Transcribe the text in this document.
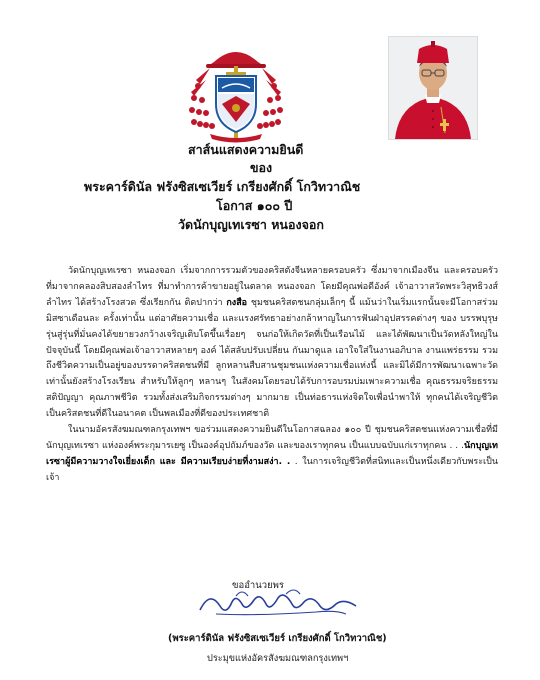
สาส์นแสดงความยินดี
ของ
พระคาร์ดินัล ฟรังซิสเซเวียร์ เกรียงศักดิ์ โกวิทวาณิช
โอกาส ๑๐๐ ปี
วัดนักบุญเทเรซา หนองจอก

วัดนักบุญเทเรซา หนองจอก เริ่มจากการรวมตัวของคริสตังจีนหลายครอบครัว ซึ่งมาจากเมืองจีน และครอบครัวที่มาจากคลองสิบสองลำไทร ที่มาทำการค้าขายอยู่ในตลาด หนองจอก โดยมีคุณพ่อดีอังค์ เจ้าอาวาสวัดพระวิสุทธิวงส์ ลำไทร ได้สร้างโรงสวด ซึ่งเรียกกัน ติดปากว่า กงสือ ชุมชนคริสตชนกลุ่มเล็กๆ นี้ แม้นว่าในเริ่มแรกนั้นจะมีโอกาสร่วมมิสซาเดือนละ ครั้งเท่านั้น แต่อาศัยความเชื่อ และแรงศรัทธาอย่างกล้าหาญในการฟันฝ่าอุปสรรคต่างๆ ของ บรรพบุรุษรุ่นสู่รุ่นที่มั่นคงได้ขยายวงกว้างเจริญเติบโตขึ้นเรื่อยๆ จนก่อให้เกิดวัดที่เป็นเรือนไม้ และได้พัฒนาเป็นวัดหลังใหญ่ในปัจจุบันนี้ โดยมีคุณพ่อเจ้าอาวาสหลายๆ องค์ ได้สลับปรับเปลี่ยน กันมาดูแล เอาใจใส่ในงานอภิบาล งานแพร่ธรรม รวมถึงชีวิตความเป็นอยู่ของบรรดาคริสตชนที่มี ลูกหลานสืบสานชุมชนแห่งความเชื่อแห่งนี้ และมิได้มีการพัฒนาเฉพาะวัดเท่านั้นยังสร้างโรงเรียน สำหรับให้ลูกๆ หลานๆ ในสังคมโดยรอบได้รับการอบรมบ่มเพาะความเชื่อ คุณธรรมจริยธรรม สติปัญญา คุณภาพชีวิต รวมทั้งส่งเสริมกิจกรรมต่างๆ มากมาย เป็นท่อธารแห่งจิตใจเพื่อนำพาให้ ทุกคนได้เจริญชีวิตเป็นคริสตชนที่ดีในอนาคต เป็นพลเมืองที่ดีของประเทศชาติ

ในนามอัครสังฆมณฑลกรุงเทพฯ ขอร่วมแสดงความยินดีในโอกาสฉลอง ๑๐๐ ปี ชุมชนคริสตชนแห่งความเชื่อที่มีนักบุญเทเรซา แห่งองค์พระกุมารเยซู เป็นองค์อุปถัมภ์ของวัด และของเราทุกคน เป็นแบบฉบับแก่เราทุกคน . . .นักบุญเทเรซาผู้มีความวางใจเยี่ยงเด็ก และ มีความเรียบง่ายที่งามสง่า. . . ในการเจริญชีวิตที่สนิทและเป็นหนึ่งเดียวกับพระเป็นเจ้า

ขออำนวยพร
(พระคาร์ดินัล ฟรังซิสเซเวียร์ เกรียงศักดิ์ โกวิทวาณิช)
ประมุขแห่งอัครสังฆมณฑลกรุงเทพฯ
